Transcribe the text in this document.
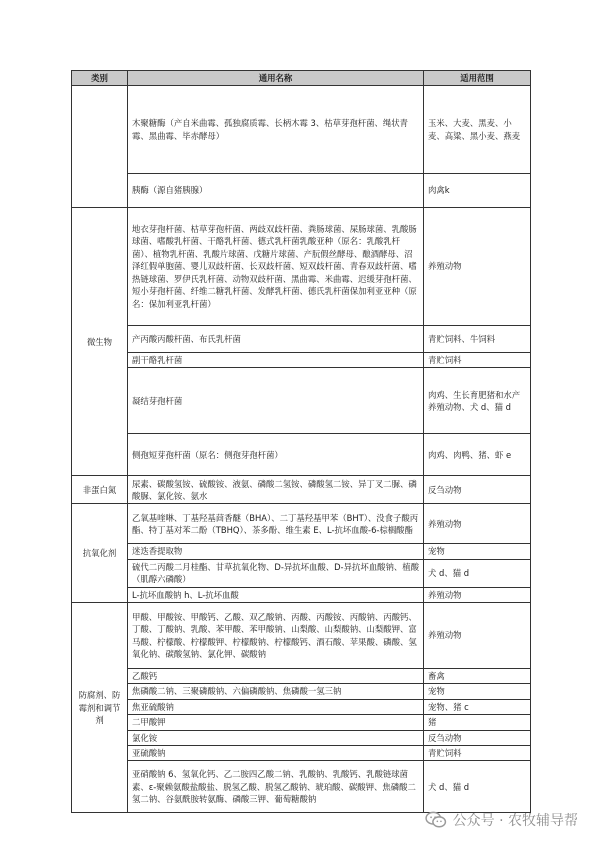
类别	通用名称	适用范围
	木聚糖酶（产自米曲霉、孤独腐质霉、长柄木霉 3、枯草芽孢杆菌、绳状青霉、黑曲霉、毕赤酵母）	玉米、大麦、黑麦、小麦、高粱、黑小麦、燕麦
	胰酶（源自猪胰腺）	肉禽k
微生物	地衣芽孢杆菌、枯草芽孢杆菌、两歧双歧杆菌、粪肠球菌、屎肠球菌、乳酸肠球菌、嗜酸乳杆菌、干酪乳杆菌、德式乳杆菌乳酸亚种（原名：乳酸乳杆菌）、植物乳杆菌、乳酸片球菌、戊糖片球菌、产朊假丝酵母、酿酒酵母、沼泽红假单胞菌、婴儿双歧杆菌、长双歧杆菌、短双歧杆菌、青春双歧杆菌、嗜热链球菌、罗伊氏乳杆菌、动物双歧杆菌、黑曲霉、米曲霉、迟缓芽孢杆菌、短小芽孢杆菌、纤维二糖乳杆菌、发酵乳杆菌、德氏乳杆菌保加利亚亚种（原名：保加利亚乳杆菌）	养殖动物
	产丙酸丙酸杆菌、布氏乳杆菌	青贮饲料、牛饲料
	副干酪乳杆菌	青贮饲料
	凝结芽孢杆菌	肉鸡、生长育肥猪和水产养殖动物、犬 d、猫 d
	侧孢短芽孢杆菌（原名：侧孢芽孢杆菌）	肉鸡、肉鸭、猪、虾 e
非蛋白氮	尿素、碳酸氢铵、硫酸铵、液氨、磷酸二氢铵、磷酸氢二铵、异丁叉二脲、磷酸脲、氯化铵、氨水	反刍动物
抗氧化剂	乙氧基喹啉、丁基羟基茴香醚（BHA）、二丁基羟基甲苯（BHT）、没食子酸丙酯、特丁基对苯二酚（TBHQ）、茶多酚、维生素 E、L-抗坏血酸-6-棕榈酸酯	养殖动物
	迷迭香提取物	宠物
	硫代二丙酸二月桂酯、甘草抗氧化物、D-异抗坏血酸、D-异抗坏血酸钠、植酸（肌醇六磷酸）	犬 d、猫 d
	L-抗坏血酸钠 h、L-抗坏血酸	养殖动物
防腐剂、防霉剂和调节剂	甲酸、甲酸铵、甲酸钙、乙酸、双乙酸钠、丙酸、丙酸铵、丙酸钠、丙酸钙、丁酸、丁酸钠、乳酸、苯甲酸、苯甲酸钠、山梨酸、山梨酸钠、山梨酸钾、富马酸、柠檬酸、柠檬酸钾、柠檬酸钠、柠檬酸钙、酒石酸、苹果酸、磷酸、氢氧化钠、碳酸氢钠、氯化钾、碳酸钠	养殖动物
	乙酸钙	畜禽
	焦磷酸二钠、三聚磷酸钠、六偏磷酸钠、焦磷酸一氢三钠	宠物
	焦亚硫酸钠	宠物、猪 c
	二甲酸钾	猪
	氯化铵	反刍动物
	亚硫酸钠	青贮饲料
	亚硝酸钠 6、氢氧化钙、乙二胺四乙酸二钠、乳酸钠、乳酸钙、乳酸链球菌素、ε-聚赖氨酸盐酸盐、脱氢乙酸、脱氢乙酸钠、琥珀酸、碳酸钾、焦磷酸二氢二钠、谷氨酰胺转氨酶、磷酸三钾、葡萄糖酸钠	犬 d、猫 d
公众号 · 农牧辅导帮
